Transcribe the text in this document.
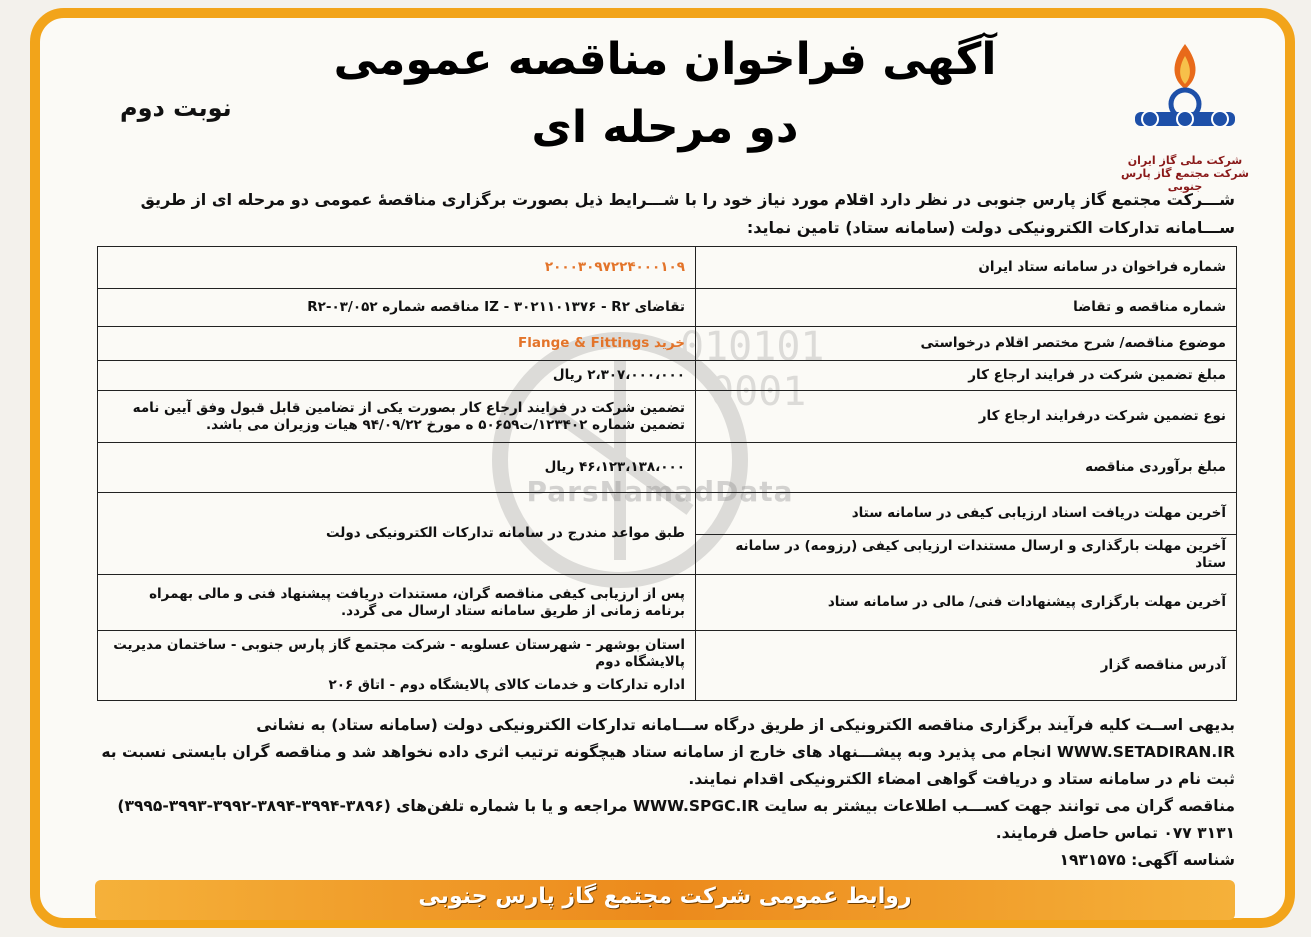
آگهی فراخوان مناقصه عمومی
دو مرحله ای
نوبت دوم
شرکت ملی گاز ایران
شرکت مجتمع گاز پارس جنوبی
شـــرکت مجتمع گاز پارس جنوبی در نظر دارد اقلام مورد نیاز خود را با شـــرایط ذیل بصورت برگزاری مناقصهٔ عمومی دو مرحله ای از طریق ســـامانه تدارکات الکترونیکی دولت (سامانه ستاد) تامین نماید:
ParsNamadData
شماره فراخوان در سامانه ستاد ایران	۲۰۰۰۳۰۹۷۲۲۴۰۰۰۱۰۹
شماره مناقصه و تقاضا	تقاضای IZ - ۳۰۲۱۱۰۱۳۷۶ - R۲ مناقصه شماره R۲-۰۳/۰۵۲
موضوع مناقصه/ شرح مختصر اقلام درخواستی	خرید Flange & Fittings
مبلغ تضمین شرکت در فرایند ارجاع کار	۲،۳۰۷،۰۰۰،۰۰۰ ریال
نوع تضمین شرکت درفرایند ارجاع کار	تضمین شرکت در فرایند ارجاع کار بصورت یکی از تضامین قابل قبول وفق آیین نامه تضمین شماره ۱۲۳۴۰۲/ت۵۰۶۵۹ ه مورخ ۹۴/۰۹/۲۲ هیات وزیران می باشد.
مبلغ برآوردی مناقصه	۴۶،۱۲۳،۱۳۸،۰۰۰ ریال
آخرین مهلت دریافت اسناد ارزیابی کیفی در سامانه ستاد	طبق مواعد مندرج در سامانه تدارکات الکترونیکی دولت
آخرین مهلت بارگذاری و ارسال مستندات ارزیابی کیفی (رزومه) در سامانه ستاد	
آخرین مهلت بارگزاری پیشنهادات فنی/ مالی در سامانه ستاد	پس از ارزیابی کیفی مناقصه گران، مستندات دریافت پیشنهاد فنی و مالی بهمراه برنامه زمانی از طریق سامانه ستاد ارسال می گردد.
آدرس مناقصه گزار	استان بوشهر - شهرستان عسلویه - شرکت مجتمع گاز پارس جنوبی - ساختمان مدیریت پالایشگاه دوم
اداره تدارکات و خدمات کالای پالایشگاه دوم - اتاق ۲۰۶
بدیهی اســت کلیه فرآیند برگزاری مناقصه الکترونیکی از طریق درگاه ســـامانه تدارکات الکترونیکی دولت (سامانه ستاد) به نشانی WWW.SETADIRAN.IR انجام می پذیرد وبه پیشـــنهاد های خارج از سامانه ستاد هیچگونه ترتیب اثری داده نخواهد شد و مناقصه گران بایستی نسبت به ثبت نام در سامانه ستاد و دریافت گواهی امضاء الکترونیکی اقدام نمایند.
مناقصه گران می توانند جهت کســـب اطلاعات بیشتر به سایت WWW.SPGC.IR مراجعه و یا با شماره تلفن‌های (۳۸۹۶-۳۹۹۴-۳۸۹۴-۳۹۹۲-۳۹۹۳-۳۹۹۵) ۳۱۳۱ ۰۷۷ تماس حاصل فرمایند.
شناسه آگهی: ۱۹۳۱۵۷۵
روابط عمومی شرکت مجتمع گاز پارس جنوبی
